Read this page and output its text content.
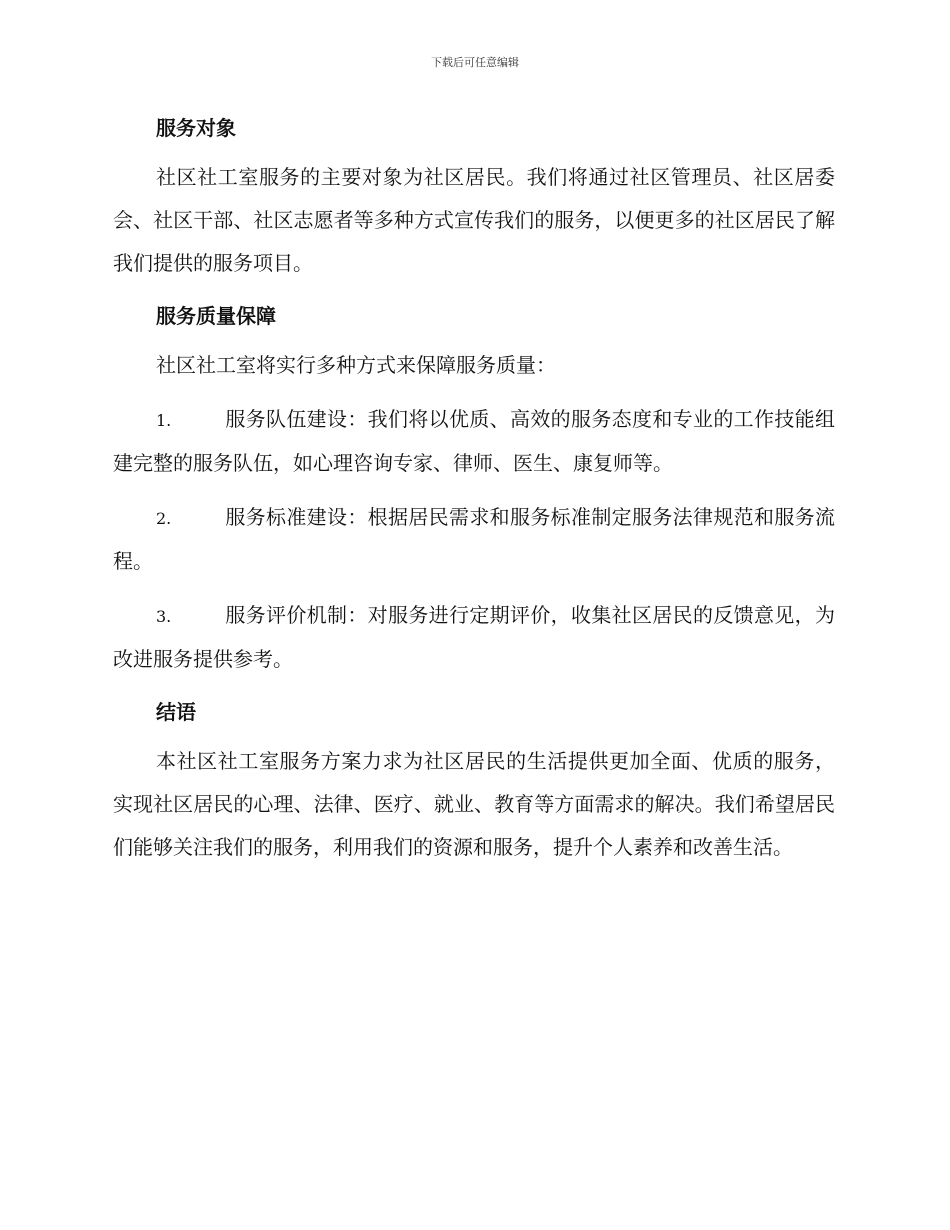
下载后可任意编辑
服务对象

社区社工室服务的主要对象为社区居民。我们将通过社区管理员、社区居委会、社区干部、社区志愿者等多种方式宣传我们的服务，以便更多的社区居民了解我们提供的服务项目。

服务质量保障

社区社工室将实行多种方式来保障服务质量：

1.	服务队伍建设：我们将以优质、高效的服务态度和专业的工作技能组建完整的服务队伍，如心理咨询专家、律师、医生、康复师等。

2.	服务标准建设：根据居民需求和服务标准制定服务法律规范和服务流程。

3.	服务评价机制：对服务进行定期评价，收集社区居民的反馈意见，为改进服务提供参考。

结语

本社区社工室服务方案力求为社区居民的生活提供更加全面、优质的服务，实现社区居民的心理、法律、医疗、就业、教育等方面需求的解决。我们希望居民们能够关注我们的服务，利用我们的资源和服务，提升个人素养和改善生活。
